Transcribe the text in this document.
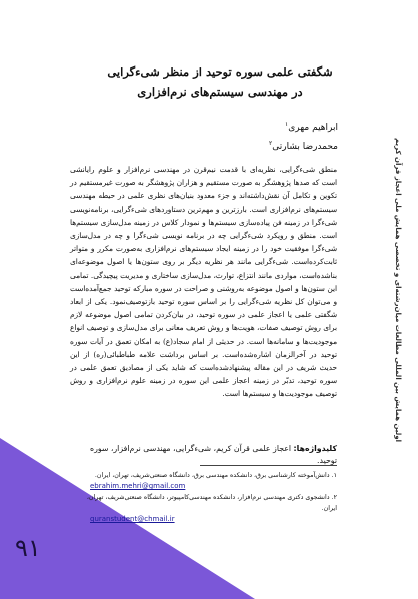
شگفتی علمی سوره توحید از منظر شیء‌گرایی
در مهندسی سیستم‌های نرم‌افزاری
ابراهیم مهری$^۱$
محمدرضا بشارتی$^۲$
منطق شیء‌گرایی، نظریه‌ای با قدمت نیم‌قرن در مهندسی نرم‌افزار و علوم رایانشی است که صدها پژوهشگر به صورت مستقیم و هزاران پژوهشگر به صورت غیرمستقیم در تکوین و تکامل آن نقش‌داشته‌اند و جزء معدود بنیان‌های نظری علمی در حیطه مهندسی سیستم‌های نرم‌افزاری است. بارزترین و مهم‌ترین دستاوردهای شیء‌گرایی، برنامه‌نویسی شیء‌گرا در زمینه فن پیاده‌سازی سیستم‌ها و نمودار کلاس در زمینه مدل‌سازی سیستم‌ها است. منطق و رویکرد شیء‌گرایی چه در برنامه نویسی شیء‌گرا و چه در مدل‌سازی شیء‌گرا موفقیت خود را در زمینه ایجاد سیستم‌های نرم‌افزاری به‌صورت مکرر و متواتر ثابت‌کرده‌است. شیء‌گرایی مانند هر نظریه دیگر بر روی ستون‌ها یا اصول موضوعه‌ای بناشده‌است، مواردی مانند انتزاع، توارث، مدل‌سازی ساختاری و مدیریت پیچیدگی. تمامی این ستون‌ها و اصول موضوعه به‌روشنی و صراحت در سوره مبارکه توحید جمع‌آمده‌است و می‌توان کل نظریه شیء‌گرایی را بر اساس سوره توحید بازتوصیف‌نمود. یکی از ابعاد شگفتی علمی یا اعجاز علمی در سوره توحید، در بیان‌کردن تمامی اصول موضوعه لازم برای روش توصیف صفات، هویت‌ها و روش تعریف معانی برای مدل‌سازی و توصیف انواع موجودیت‌ها و سامانه‌ها است. در حدیثی از امام سجاد(ع) به امکان تعمق در آیات سوره توحید در آخرالزمان اشاره‌شده‌است. بر اساس برداشت علامه طباطبائی(ره) از این حدیث شریف در این مقاله پیشنهادشده‌است که شاید یکی از مصادیق تعمق علمی در سوره توحید، تدبّر در زمینه اعجاز علمی این سوره در زمینه علوم نرم‌افزاری و روش توصیف موجودیت‌ها و سیستم‌ها است.
کلیدواژه‌ها: اعجاز علمی قرآن کریم، شیء‌گرایی، مهندسی نرم‌افزار، سوره توحید.
۱. دانش‌آموخته کارشناسی برق، دانشکده مهندسی برق، دانشگاه صنعتی‌شریف، تهران، ایران.
ebrahim.mehri@gmail.com
۲. دانشجوی دکتری مهندسی نرم‌افزار، دانشکده مهندسی‌کامپیوتر، دانشگاه صنعتی‌شریف، تهران، ایران.
quranstudent@chmail.ir
اولین همایش بین المللی مطالعات میان‌رشته‌ای و تخصصی همایش ملی اعجاز قرآن کریم
۹۱
